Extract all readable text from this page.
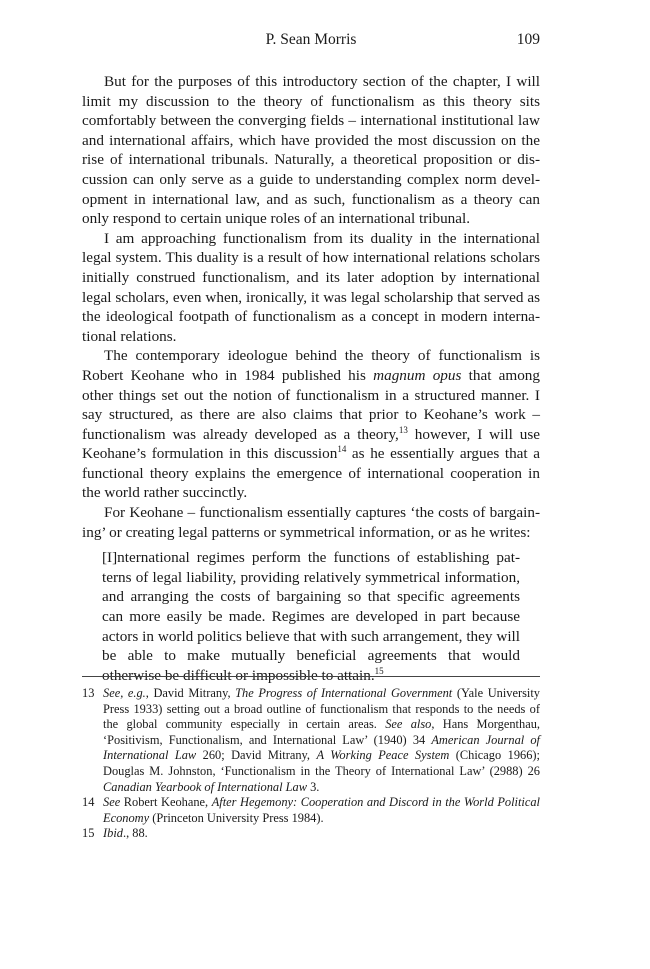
P. Sean Morris	109

But for the purposes of this introductory section of the chapter, I will limit my discussion to the theory of functionalism as this theory sits comfortably between the converging fields – international institutional law and international affairs, which have provided the most discussion on the rise of international tribunals. Naturally, a theoretical proposition or discussion can only serve as a guide to understanding complex norm development in international law, and as such, functionalism as a theory can only respond to certain unique roles of an international tribunal.

I am approaching functionalism from its duality in the international legal system. This duality is a result of how international relations scholars initially construed functionalism, and its later adoption by international legal scholars, even when, ironically, it was legal scholarship that served as the ideological footpath of functionalism as a concept in modern international relations.

The contemporary ideologue behind the theory of functionalism is Robert Keohane who in 1984 published his magnum opus that among other things set out the notion of functionalism in a structured manner. I say structured, as there are also claims that prior to Keohane’s work – functionalism was already developed as a theory,$^{13}$ however, I will use Keohane’s formulation in this discussion$^{14}$ as he essentially argues that a functional theory explains the emergence of international cooperation in the world rather succinctly.

For Keohane – functionalism essentially captures ‘the costs of bargaining’ or creating legal patterns or symmetrical information, or as he writes:

[I]nternational regimes perform the functions of establishing patterns of legal liability, providing relatively symmetrical information, and arranging the costs of bargaining so that specific agreements can more easily be made. Regimes are developed in part because actors in world politics believe that with such arrangement, they will be able to make mutually beneficial agreements that would otherwise be difficult or impossible to attain.$^{15}$
13 See, e.g., David Mitrany, The Progress of International Government (Yale University Press 1933) setting out a broad outline of functionalism that responds to the needs of the global community especially in certain areas. See also, Hans Morgenthau, ‘Positivism, Functionalism, and International Law’ (1940) 34 American Journal of International Law 260; David Mitrany, A Working Peace System (Chicago 1966); Douglas M. Johnston, ‘Functionalism in the Theory of International Law’ (2988) 26 Canadian Yearbook of International Law 3.
14 See Robert Keohane, After Hegemony: Cooperation and Discord in the World Political Economy (Princeton University Press 1984).
15 Ibid., 88.
